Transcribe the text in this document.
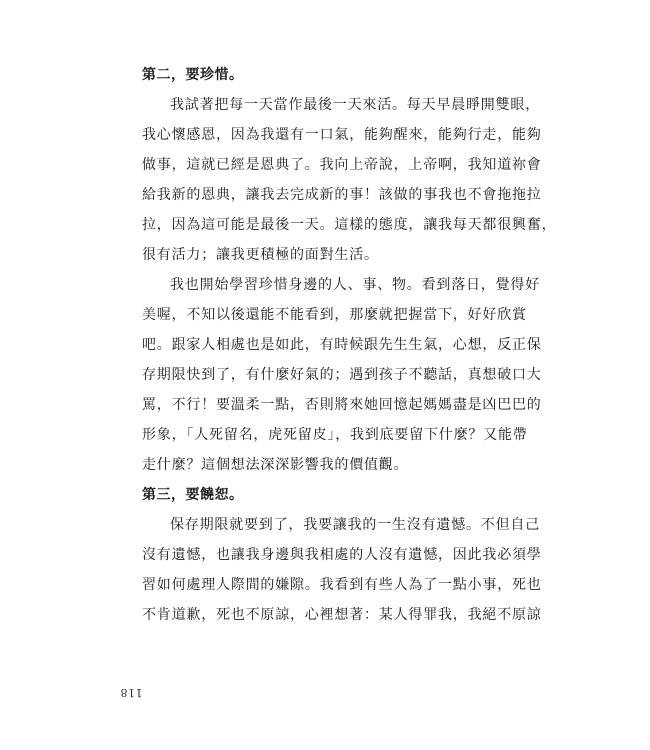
第二，要珍惜。

我試著把每一天當作最後一天來活。每天早晨睜開雙眼，
我心懷感恩，因為我還有一口氣，能夠醒來，能夠行走，能夠
做事，這就已經是恩典了。我向上帝說，上帝啊，我知道祢會
給我新的恩典，讓我去完成新的事！該做的事我也不會拖拖拉
拉，因為這可能是最後一天。這樣的態度，讓我每天都很興奮，
很有活力；讓我更積極的面對生活。

我也開始學習珍惜身邊的人、事、物。看到落日，覺得好
美喔，不知以後還能不能看到，那麼就把握當下，好好欣賞
吧。跟家人相處也是如此，有時候跟先生生氣，心想，反正保
存期限快到了，有什麼好氣的；遇到孩子不聽話，真想破口大
罵，不行！要溫柔一點，否則將來她回憶起媽媽盡是凶巴巴的
形象，「人死留名，虎死留皮」，我到底要留下什麼？又能帶
走什麼？這個想法深深影響我的價值觀。

第三，要饒恕。

保存期限就要到了，我要讓我的一生沒有遺憾。不但自己
沒有遺憾，也讓我身邊與我相處的人沒有遺憾，因此我必須學
習如何處理人際間的嫌隙。我看到有些人為了一點小事，死也
不肯道歉，死也不原諒，心裡想著：某人得罪我，我絕不原諒

118
